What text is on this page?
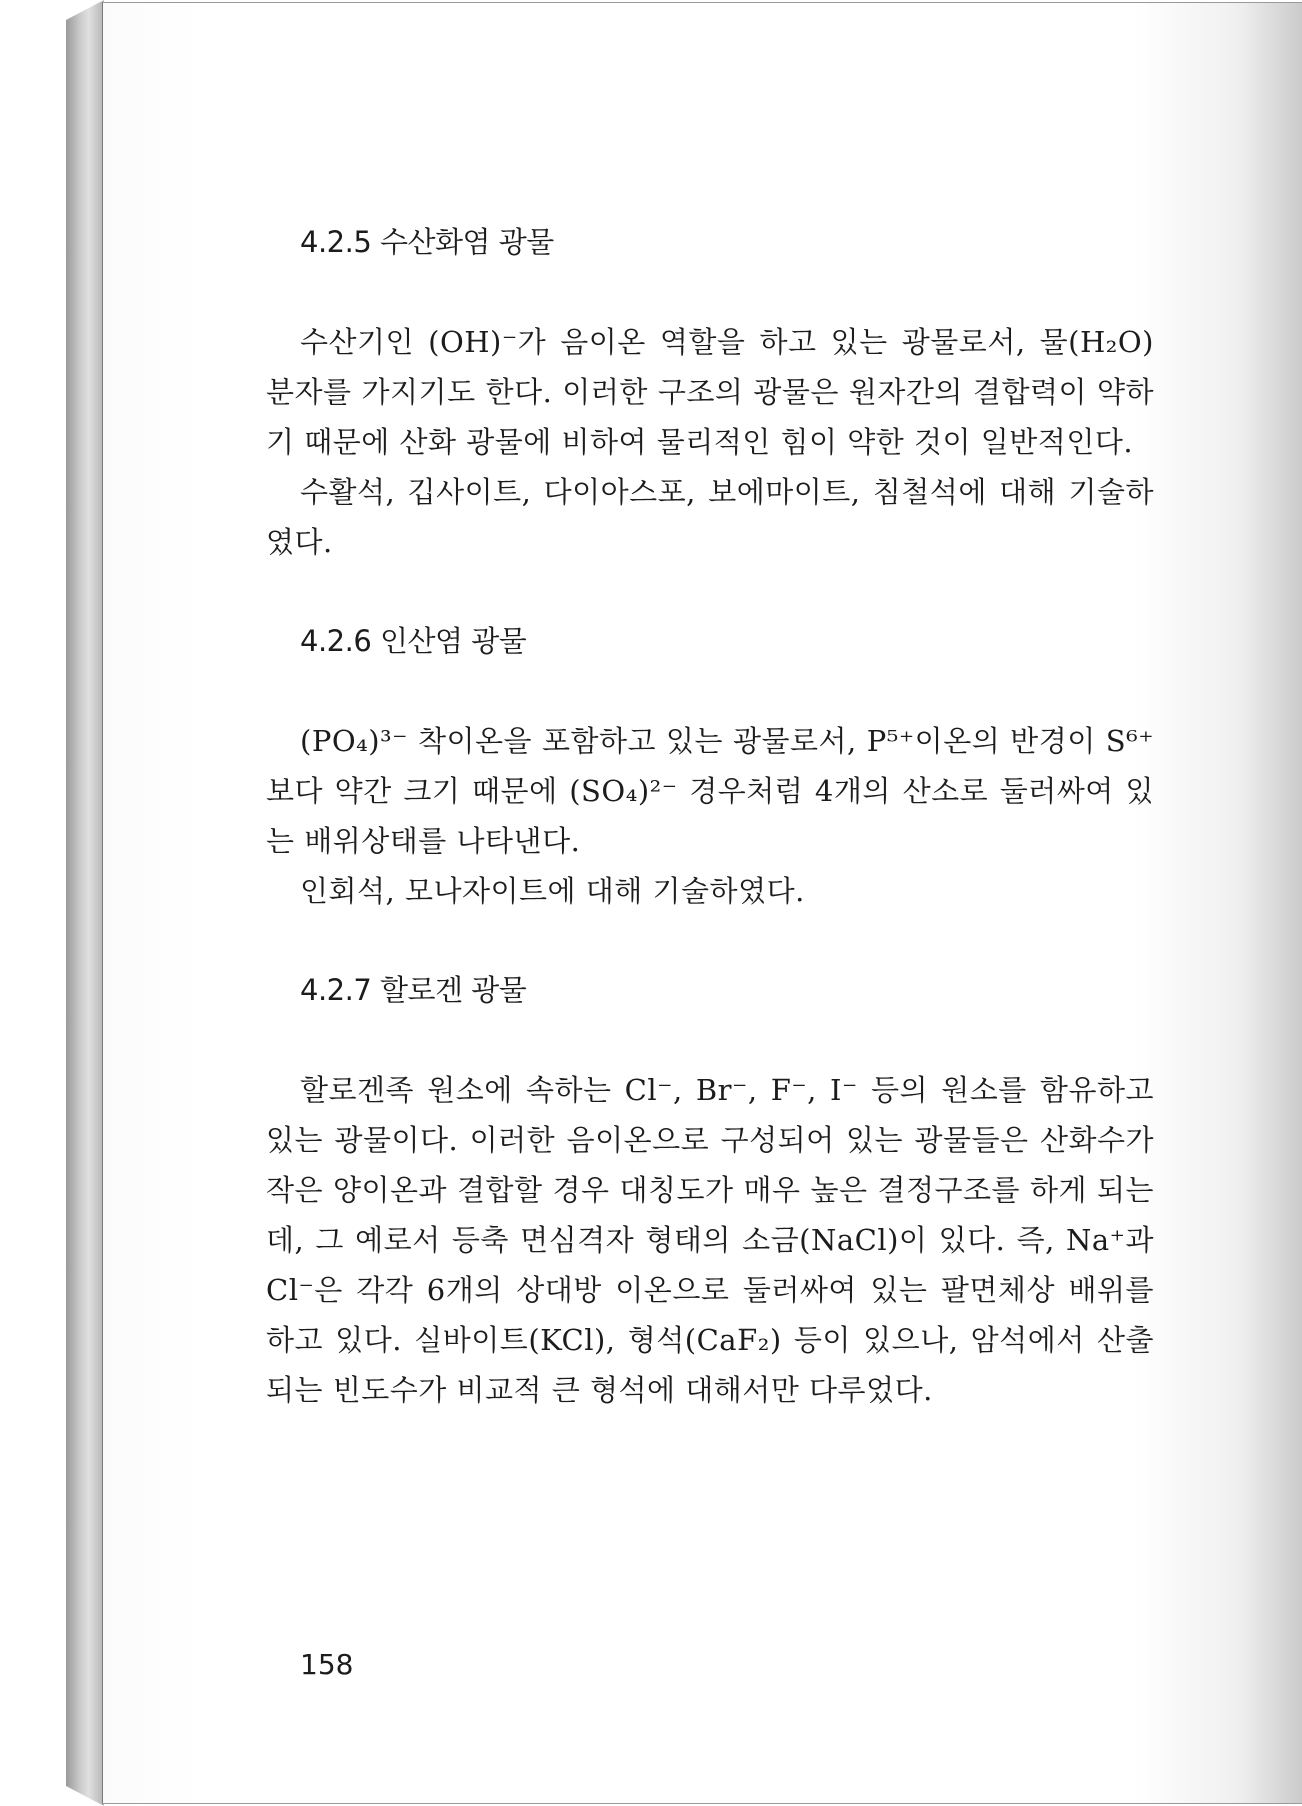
4.2.5 수산화염 광물

수산기인 (OH)⁻가 음이온 역할을 하고 있는 광물로서, 물(H₂O) 분자를 가지기도 한다. 이러한 구조의 광물은 원자간의 결합력이 약하기 때문에 산화 광물에 비하여 물리적인 힘이 약한 것이 일반적인다.

수활석, 깁사이트, 다이아스포, 보에마이트, 침철석에 대해 기술하였다.

4.2.6 인산염 광물

(PO₄)³⁻ 착이온을 포함하고 있는 광물로서, P⁵⁺이온의 반경이 S⁶⁺보다 약간 크기 때문에 (SO₄)²⁻ 경우처럼 4개의 산소로 둘러싸여 있는 배위상태를 나타낸다.

인회석, 모나자이트에 대해 기술하였다.

4.2.7 할로겐 광물

할로겐족 원소에 속하는 Cl⁻, Br⁻, F⁻, I⁻ 등의 원소를 함유하고 있는 광물이다. 이러한 음이온으로 구성되어 있는 광물들은 산화수가 작은 양이온과 결합할 경우 대칭도가 매우 높은 결정구조를 하게 되는데, 그 예로서 등축 면심격자 형태의 소금(NaCl)이 있다. 즉, Na⁺과 Cl⁻은 각각 6개의 상대방 이온으로 둘러싸여 있는 팔면체상 배위를 하고 있다. 실바이트(KCl), 형석(CaF₂) 등이 있으나, 암석에서 산출되는 빈도수가 비교적 큰 형석에 대해서만 다루었다.

158
